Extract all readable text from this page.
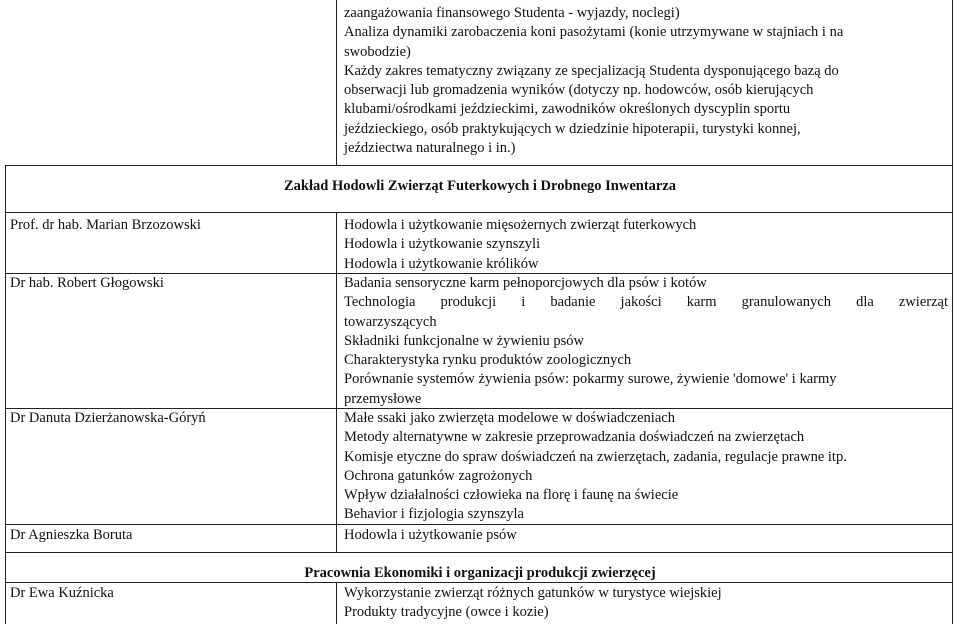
zaangażowania finansowego Studenta - wyjazdy, noclegi)
Analiza dynamiki zarobaczenia koni pasożytami (konie utrzymywane w stajniach i na
swobodzie)
Każdy zakres tematyczny związany ze specjalizacją Studenta dysponującego bazą do
obserwacji lub gromadzenia wyników (dotyczy np. hodowców, osób kierujących
klubami/ośrodkami jeździeckimi, zawodników określonych dyscyplin sportu
jeździeckiego, osób praktykujących w dziedzinie hipoterapii, turystyki konnej,
jeździectwa naturalnego i in.)
Zakład Hodowli Zwierząt Futerkowych i Drobnego Inwentarza
Prof. dr hab. Marian Brzozowski	Hodowla i użytkowanie mięsożernych zwierząt futerkowych
Hodowla i użytkowanie szynszyli
Hodowla i użytkowanie królików
Dr hab. Robert Głogowski	Badania sensoryczne karm pełnoporcjowych dla psów i kotów
Technologia produkcji i badanie jakości karm granulowanych dla zwierząt
towarzyszących
Składniki funkcjonalne w żywieniu psów
Charakterystyka rynku produktów zoologicznych
Porównanie systemów żywienia psów: pokarmy surowe, żywienie 'domowe' i karmy
przemysłowe
Dr Danuta Dzierżanowska-Góryń	Małe ssaki jako zwierzęta modelowe w doświadczeniach
Metody alternatywne w zakresie przeprowadzania doświadczeń na zwierzętach
Komisje etyczne do spraw doświadczeń na zwierzętach, zadania, regulacje prawne itp.
Ochrona gatunków zagrożonych
Wpływ działalności człowieka na florę i faunę na świecie
Behavior i fizjologia szynszyla
Dr Agnieszka Boruta	Hodowla i użytkowanie psów
Pracownia Ekonomiki i organizacji produkcji zwierzęcej
Dr Ewa Kuźnicka	Wykorzystanie zwierząt różnych gatunków w turystyce wiejskiej
Produkty tradycyjne (owce i kozie)
